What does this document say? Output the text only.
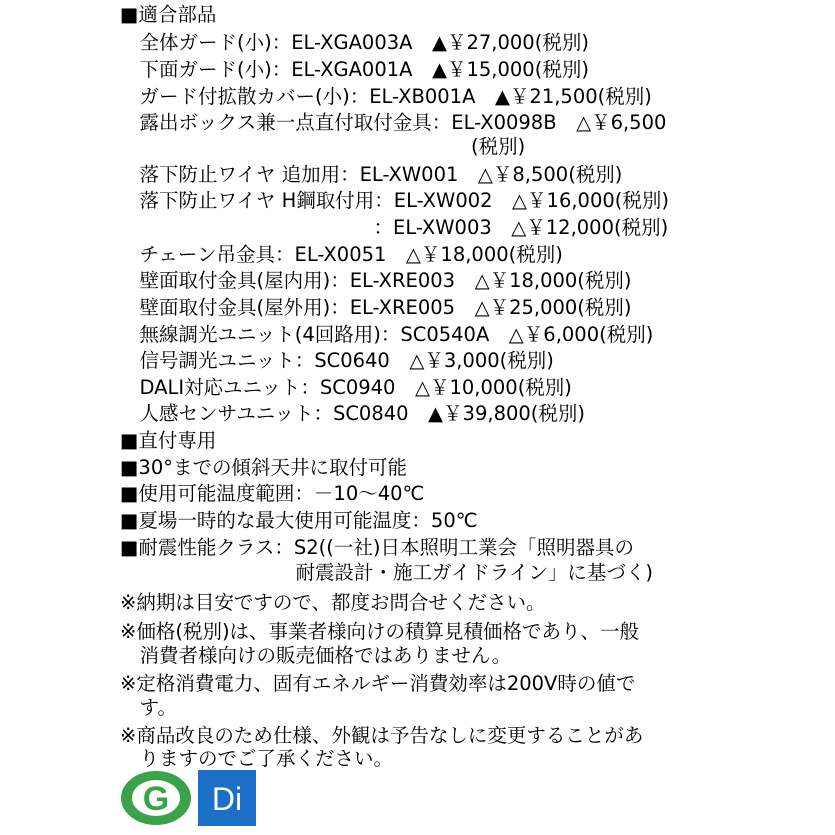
■適合部品
　全体ガード(小)：EL-XGA003A　▲￥27,000(税別)
　下面ガード(小)：EL-XGA001A　▲￥15,000(税別)
　ガード付拡散カバー(小)：EL-XB001A　▲￥21,500(税別)
　露出ボックス兼一点直付取付金具：EL-X0098B　△￥6,500
　　　　　　　　　　　　　　　　　　(税別)
　落下防止ワイヤ 追加用：EL-XW001　△￥8,500(税別)
　落下防止ワイヤ H鋼取付用：EL-XW002　△￥16,000(税別)
　　　　　　　　　　　　　：EL-XW003　△￥12,000(税別)
　チェーン吊金具：EL-X0051　△￥18,000(税別)
　壁面取付金具(屋内用)：EL-XRE003　△￥18,000(税別)
　壁面取付金具(屋外用)：EL-XRE005　△￥25,000(税別)
　無線調光ユニット(4回路用)：SC0540A　△￥6,000(税別)
　信号調光ユニット：SC0640　△￥3,000(税別)
　DALI対応ユニット：SC0940　△￥10,000(税別)
　人感センサユニット：SC0840　▲￥39,800(税別)
■直付専用
■30°までの傾斜天井に取付可能
■使用可能温度範囲：－10～40℃
■夏場一時的な最大使用可能温度：50℃
■耐震性能クラス：S2((一社)日本照明工業会「照明器具の
　　　　　　　　　耐震設計・施工ガイドライン」に基づく)
※納期は目安ですので、都度お問合せください。
※価格(税別)は、事業者様向けの積算見積価格であり、一般
　消費者様向けの販売価格ではありません。
※定格消費電力、固有エネルギー消費効率は200V時の値で
　す。
※商品改良のため仕様、外観は予告なしに変更することがあ
　りますのでご了承ください。
G Di
